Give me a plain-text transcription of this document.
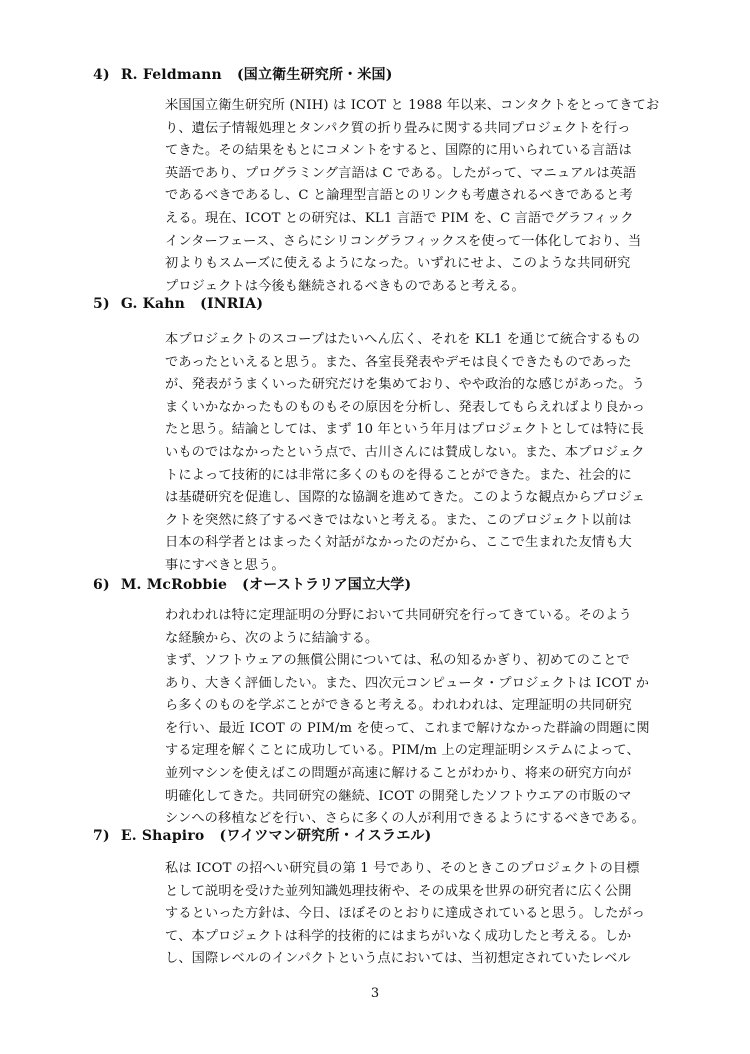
4) R. Feldmann (国立衛生研究所・米国)
米国国立衛生研究所 (NIH) は ICOT と 1988 年以来、コンタクトをとってきてお
り、遺伝子情報処理とタンパク質の折り畳みに関する共同プロジェクトを行っ
てきた。その結果をもとにコメントをすると、国際的に用いられている言語は
英語であり、プログラミング言語は C である。したがって、マニュアルは英語
であるべきであるし、C と論理型言語とのリンクも考慮されるべきであると考
える。現在、ICOT との研究は、KL1 言語で PIM を、C 言語でグラフィック
インターフェース、さらにシリコングラフィックスを使って一体化しており、当
初よりもスムーズに使えるようになった。いずれにせよ、このような共同研究
プロジェクトは今後も継続されるべきものであると考える。
5) G. Kahn (INRIA)
本プロジェクトのスコープはたいへん広く、それを KL1 を通じて統合するもの
であったといえると思う。また、各室長発表やデモは良くできたものであった
が、発表がうまくいった研究だけを集めており、やや政治的な感じがあった。う
まくいかなかったものものもその原因を分析し、発表してもらえればより良かっ
たと思う。結論としては、まず 10 年という年月はプロジェクトとしては特に長
いものではなかったという点で、古川さんには賛成しない。また、本プロジェク
トによって技術的には非常に多くのものを得ることができた。また、社会的に
は基礎研究を促進し、国際的な協調を進めてきた。このような観点からプロジェ
クトを突然に終了するべきではないと考える。また、このプロジェクト以前は
日本の科学者とはまったく対話がなかったのだから、ここで生まれた友情も大
事にすべきと思う。
6) M. McRobbie (オーストラリア国立大学)
われわれは特に定理証明の分野において共同研究を行ってきている。そのよう
な経験から、次のように結論する。
まず、ソフトウェアの無償公開については、私の知るかぎり、初めてのことで
あり、大きく評価したい。また、四次元コンピュータ・プロジェクトは ICOT か
ら多くのものを学ぶことができると考える。われわれは、定理証明の共同研究
を行い、最近 ICOT の PIM/m を使って、これまで解けなかった群論の問題に関
する定理を解くことに成功している。PIM/m 上の定理証明システムによって、
並列マシンを使えばこの問題が高速に解けることがわかり、将来の研究方向が
明確化してきた。共同研究の継続、ICOT の開発したソフトウエアの市販のマ
シンへの移植などを行い、さらに多くの人が利用できるようにするべきである。
7) E. Shapiro (ワイツマン研究所・イスラエル)
私は ICOT の招へい研究員の第 1 号であり、そのときこのプロジェクトの目標
として説明を受けた並列知識処理技術や、その成果を世界の研究者に広く公開
するといった方針は、今日、ほぼそのとおりに達成されていると思う。したがっ
て、本プロジェクトは科学的技術的にはまちがいなく成功したと考える。しか
し、国際レベルのインパクトという点においては、当初想定されていたレベル
3
